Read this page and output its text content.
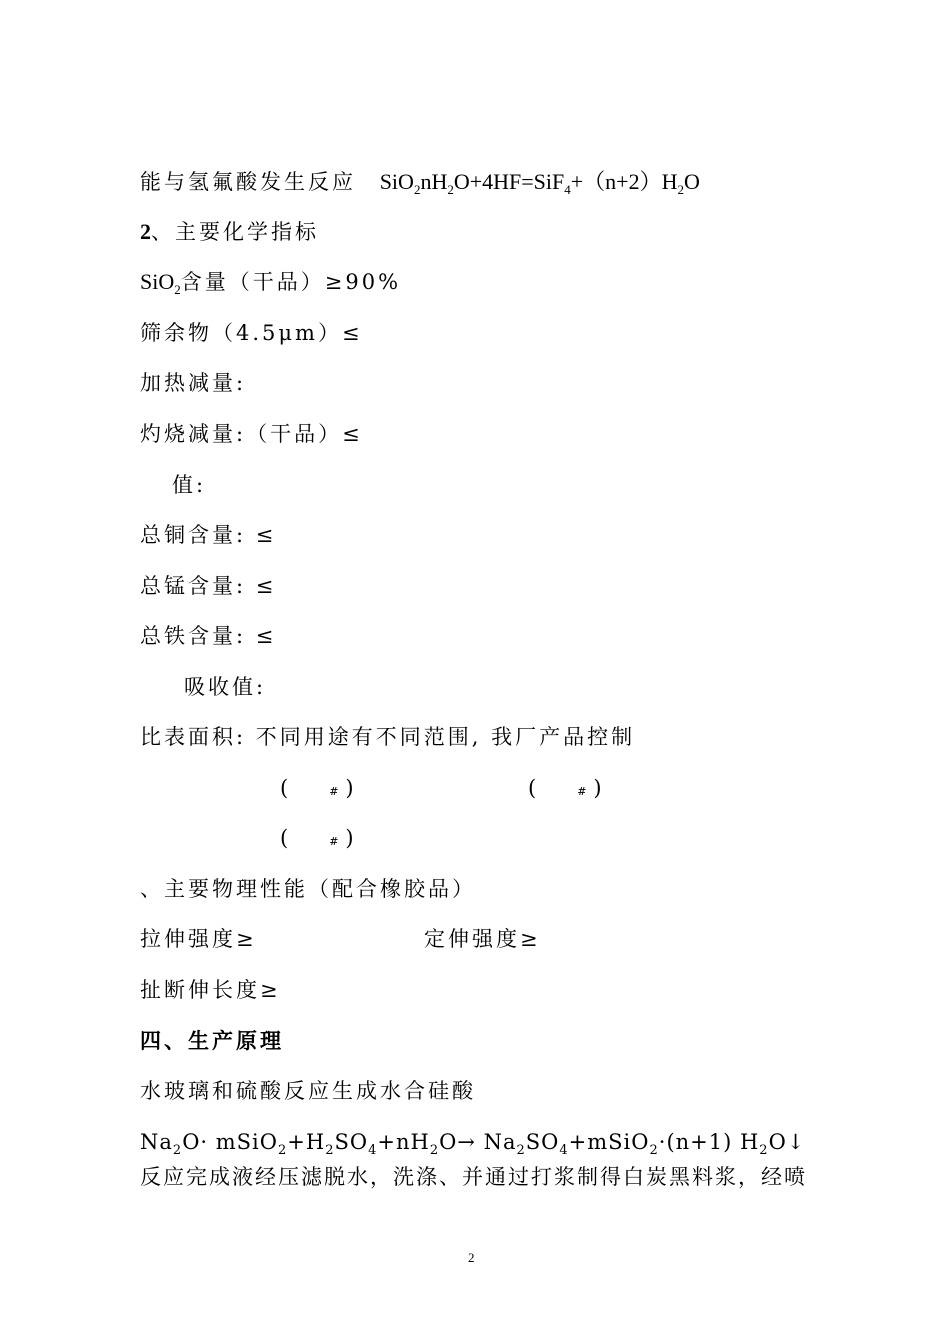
能与氢氟酸发生反应 $SiO_2nH_2O+4HF=SiF_4+(n+2)H_2O$
2、主要化学指标
SiO$_2$含量（干品）≥90%
筛余物（4.5μm）≤
加热减量:
灼烧减量:（干品）≤
值:
总铜含量: ≤
总锰含量: ≤
总铁含量: ≤
吸收值:
比表面积: 不同用途有不同范围, 我厂产品控制
(	# )	(	# )
(	# )
、主要物理性能（配合橡胶品）
拉伸强度≥	定伸强度≥
扯断伸长度≥
四、生产原理
水玻璃和硫酸反应生成水合硅酸
$Na_2O\cdot$ $mSiO_2+H_2SO_4+nH_2O\to$ $Na_2SO_4+mSiO_2\cdot(n+1)$ $H_2O↓$
反应完成液经压滤脱水，洗涤、并通过打浆制得白炭黑料浆，经喷
2
